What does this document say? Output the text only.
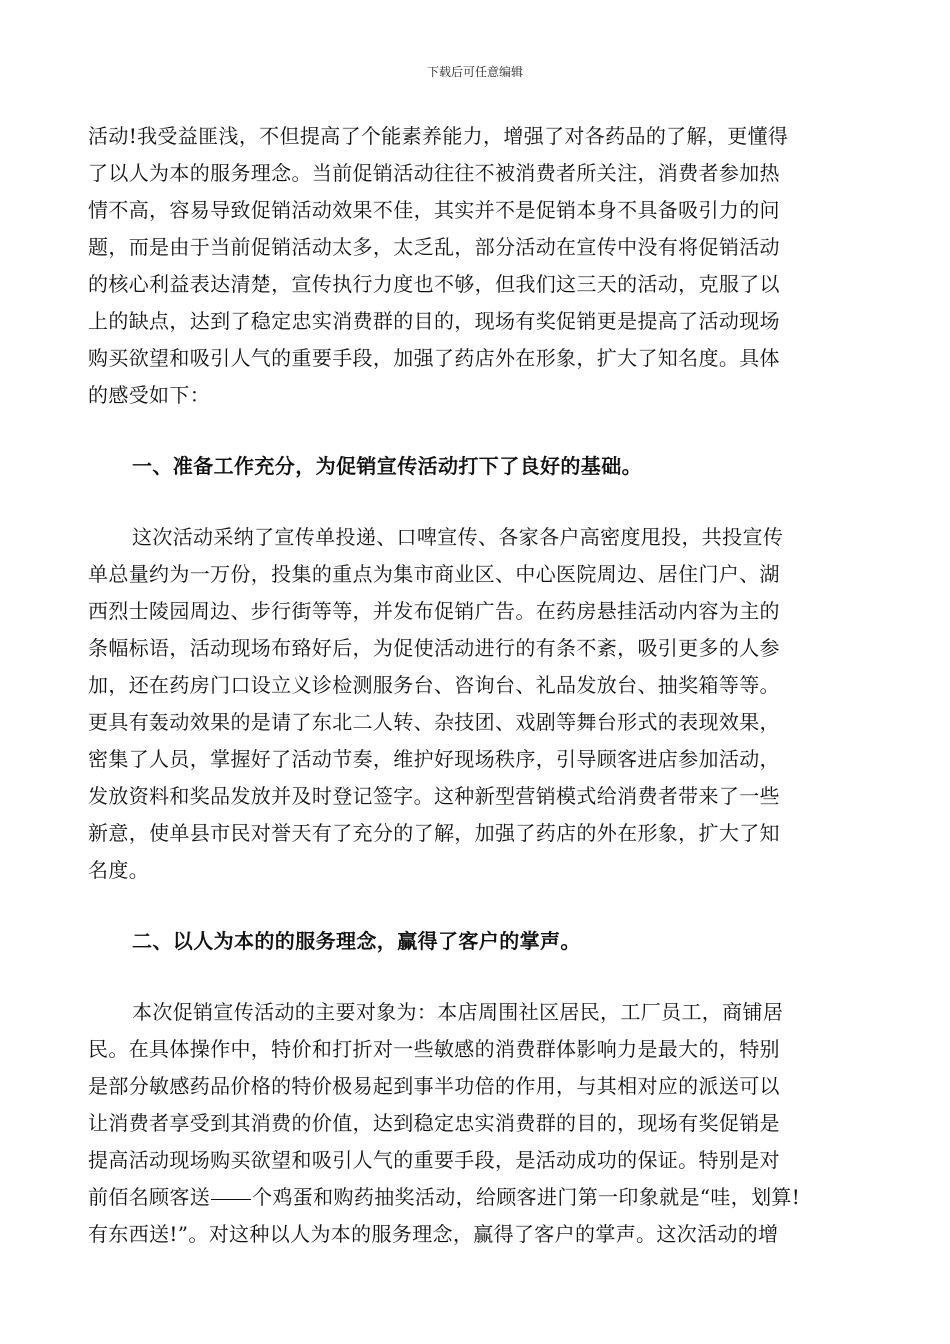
下载后可任意编辑
活动!我受益匪浅，不但提高了个能素养能力，增强了对各药品的了解，更懂得
了以人为本的服务理念。当前促销活动往往不被消费者所关注，消费者参加热
情不高，容易导致促销活动效果不佳，其实并不是促销本身不具备吸引力的问
题，而是由于当前促销活动太多，太乏乱，部分活动在宣传中没有将促销活动
的核心利益表达清楚，宣传执行力度也不够，但我们这三天的活动，克服了以
上的缺点，达到了稳定忠实消费群的目的，现场有奖促销更是提高了活动现场
购买欲望和吸引人气的重要手段，加强了药店外在形象，扩大了知名度。具体
的感受如下：
一、准备工作充分，为促销宣传活动打下了良好的基础。
这次活动采纳了宣传单投递、口啤宣传、各家各户高密度甩投，共投宣传
单总量约为一万份，投集的重点为集市商业区、中心医院周边、居住门户、湖
西烈士陵园周边、步行街等等，并发布促销广告。在药房悬挂活动内容为主的
条幅标语，活动现场布臵好后，为促使活动进行的有条不紊，吸引更多的人参
加，还在药房门口设立义诊检测服务台、咨询台、礼品发放台、抽奖箱等等。
更具有轰动效果的是请了东北二人转、杂技团、戏剧等舞台形式的表现效果，
密集了人员，掌握好了活动节奏，维护好现场秩序，引导顾客进店参加活动，
发放资料和奖品发放并及时登记签字。这种新型营销模式给消费者带来了一些
新意，使单县市民对誉天有了充分的了解，加强了药店的外在形象，扩大了知
名度。
二、以人为本的的服务理念，赢得了客户的掌声。
本次促销宣传活动的主要对象为：本店周围社区居民，工厂员工，商铺居
民。在具体操作中，特价和打折对一些敏感的消费群体影响力是最大的，特别
是部分敏感药品价格的特价极易起到事半功倍的作用，与其相对应的派送可以
让消费者享受到其消费的价值，达到稳定忠实消费群的目的，现场有奖促销是
提高活动现场购买欲望和吸引人气的重要手段，是活动成功的保证。特别是对
前佰名顾客送 个鸡蛋和购药抽奖活动，给顾客进门第一印象就是“哇，划算!
有东西送!”。对这种以人为本的服务理念，赢得了客户的掌声。这次活动的增
